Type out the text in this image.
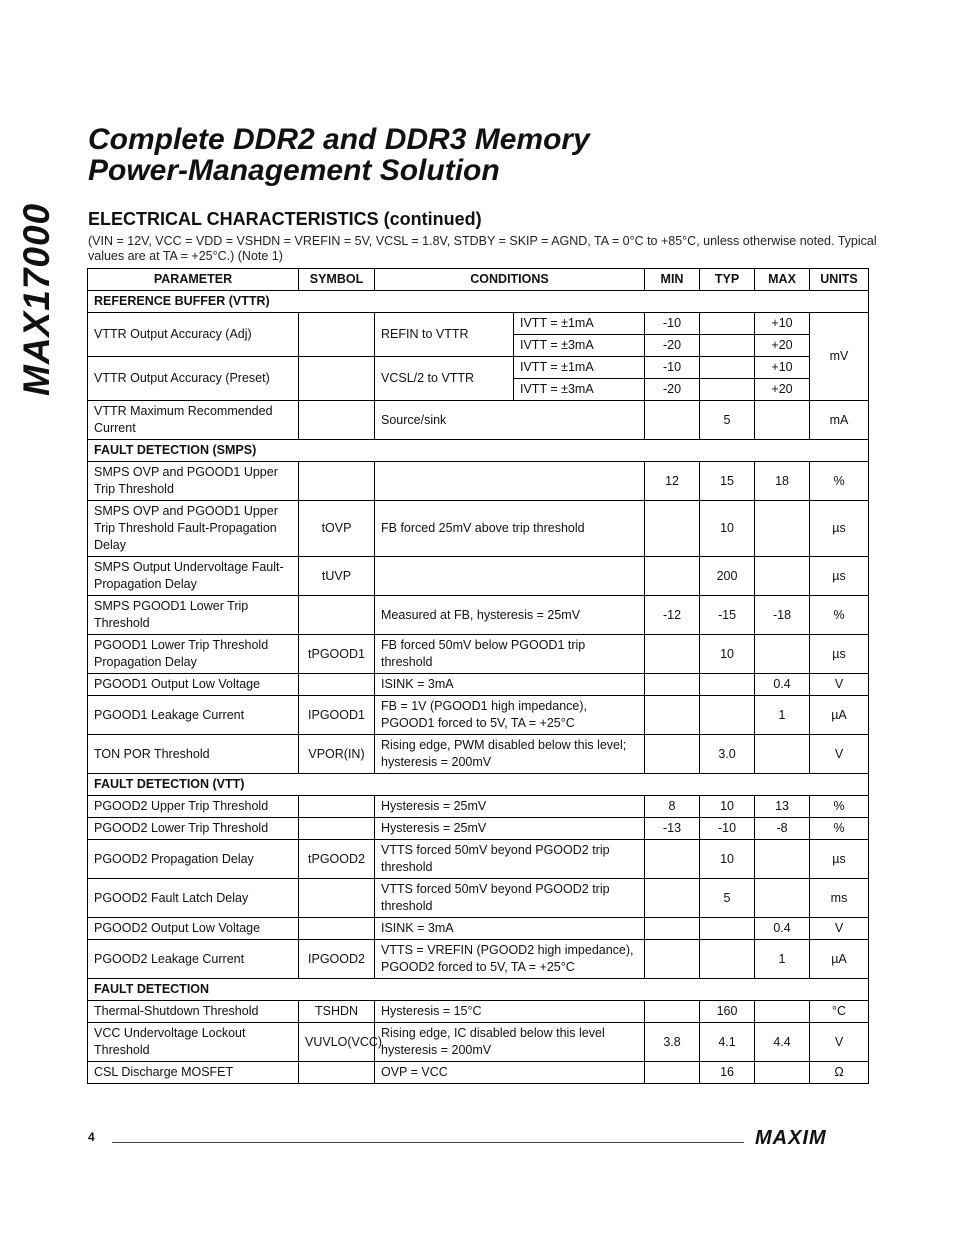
MAX17000
Complete DDR2 and DDR3 Memory
Power-Management Solution
ELECTRICAL CHARACTERISTICS (continued)
(VIN = 12V, VCC = VDD = VSHDN = VREFIN = 5V, VCSL = 1.8V, STDBY = SKIP = AGND, TA = 0°C to +85°C, unless otherwise noted. Typical values are at TA = +25°C.) (Note 1)
PARAMETER	SYMBOL	CONDITIONS		MIN	TYP	MAX	UNITS
REFERENCE BUFFER (VTTR)							
VTTR Output Accuracy (Adj)		REFIN to VTTR	IVTT = ±1mA	-10		+10	mV
			IVTT = ±3mA	-20		+20	
VTTR Output Accuracy (Preset)		VCSL/2 to VTTR	IVTT = ±1mA	-10		+10	
			IVTT = ±3mA	-20		+20	
VTTR Maximum Recommended Current		Source/sink			5		mA
FAULT DETECTION (SMPS)							
SMPS OVP and PGOOD1 Upper Trip Threshold				12	15	18	%
SMPS OVP and PGOOD1 Upper Trip Threshold Fault-Propagation Delay	tOVP	FB forced 25mV above trip threshold			10		µs
SMPS Output Undervoltage Fault-Propagation Delay	tUVP				200		µs
SMPS PGOOD1 Lower Trip Threshold		Measured at FB, hysteresis = 25mV		-12	-15	-18	%
PGOOD1 Lower Trip Threshold Propagation Delay	tPGOOD1	FB forced 50mV below PGOOD1 trip threshold			10		µs
PGOOD1 Output Low Voltage		ISINK = 3mA				0.4	V
PGOOD1 Leakage Current	IPGOOD1	FB = 1V (PGOOD1 high impedance), PGOOD1 forced to 5V, TA = +25°C				1	µA
TON POR Threshold	VPOR(IN)	Rising edge, PWM disabled below this level; hysteresis = 200mV			3.0		V
FAULT DETECTION (VTT)							
PGOOD2 Upper Trip Threshold		Hysteresis = 25mV		8	10	13	%
PGOOD2 Lower Trip Threshold		Hysteresis = 25mV		-13	-10	-8	%
PGOOD2 Propagation Delay	tPGOOD2	VTTS forced 50mV beyond PGOOD2 trip threshold			10		µs
PGOOD2 Fault Latch Delay		VTTS forced 50mV beyond PGOOD2 trip threshold			5		ms
PGOOD2 Output Low Voltage		ISINK = 3mA				0.4	V
PGOOD2 Leakage Current	IPGOOD2	VTTS = VREFIN (PGOOD2 high impedance), PGOOD2 forced to 5V, TA = +25°C				1	µA
FAULT DETECTION							
Thermal-Shutdown Threshold	TSHDN	Hysteresis = 15°C			160		°C
VCC Undervoltage Lockout Threshold	VUVLO(VCC)	Rising edge, IC disabled below this level hysteresis = 200mV		3.8	4.1	4.4	V
CSL Discharge MOSFET		OVP = VCC			16		Ω
4	MAXIM
